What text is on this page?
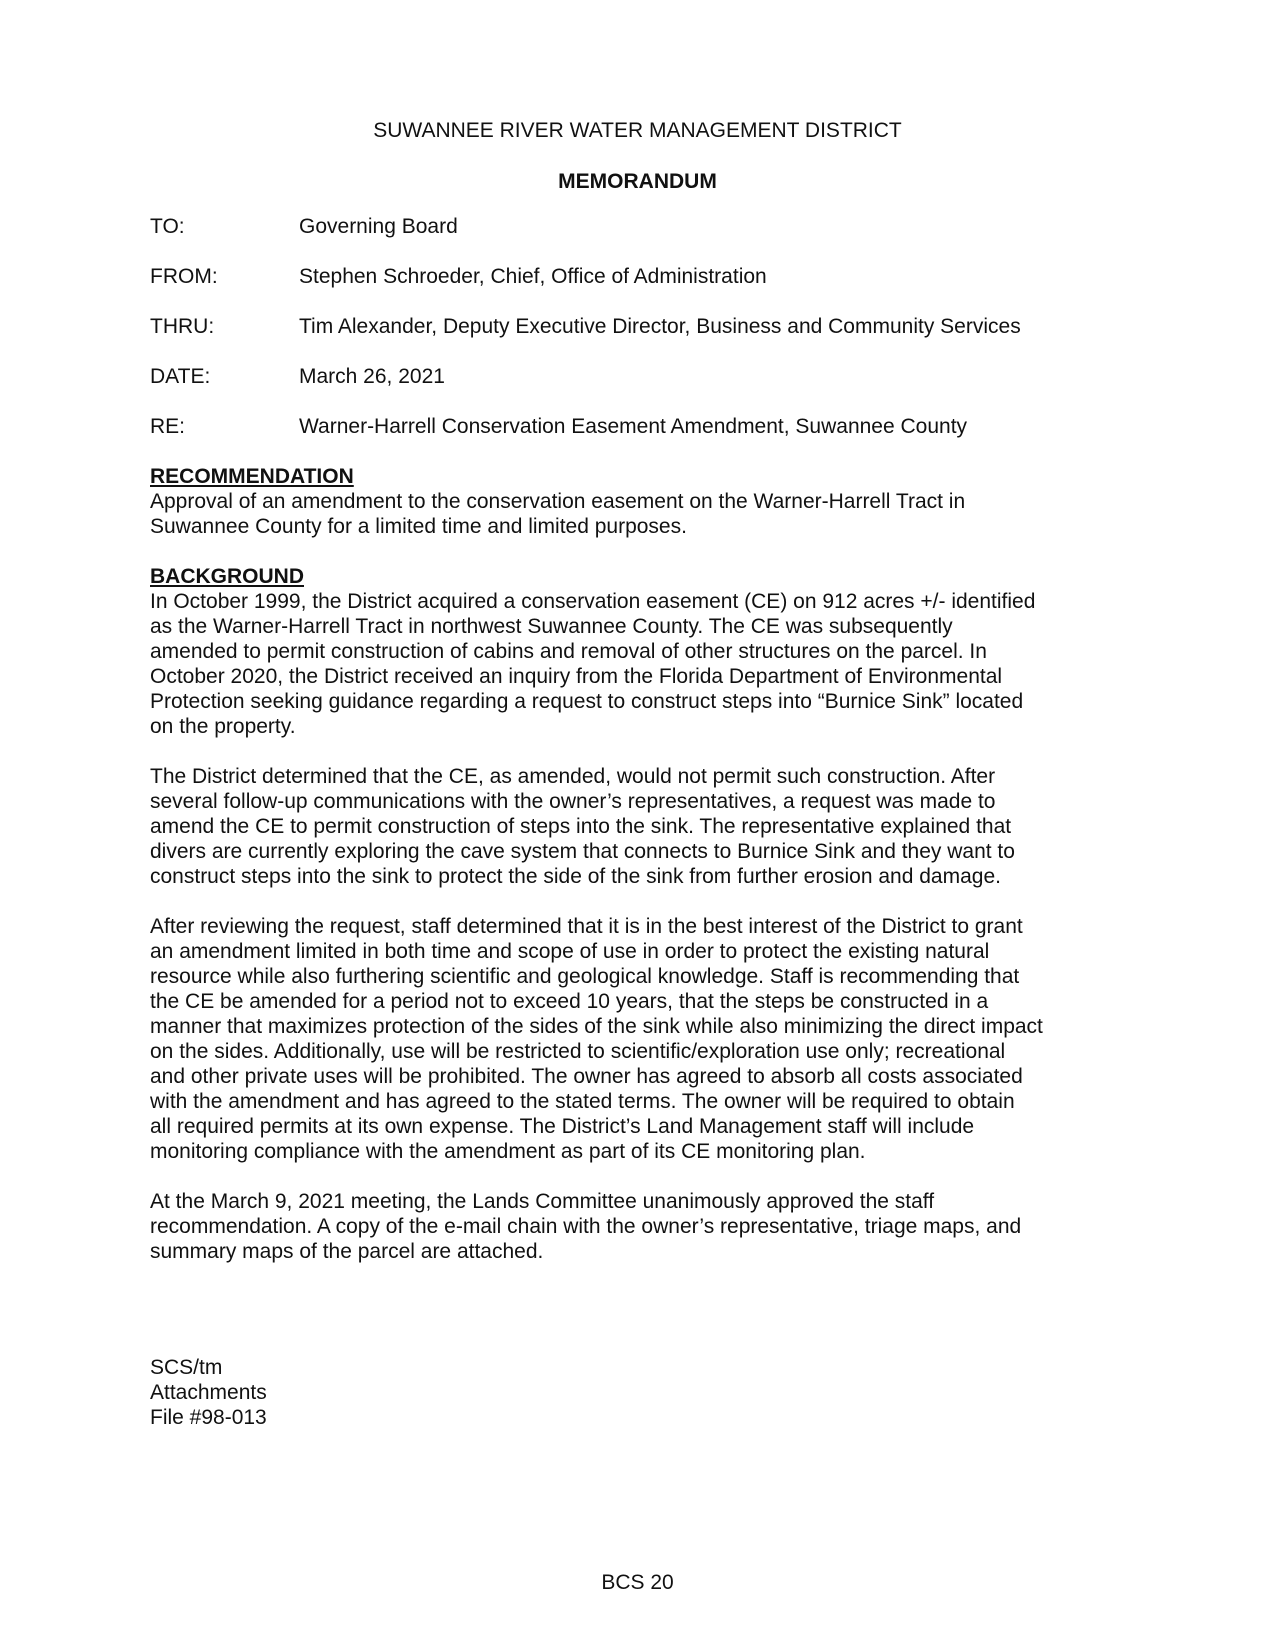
SUWANNEE RIVER WATER MANAGEMENT DISTRICT
MEMORANDUM
TO:	Governing Board
FROM:	Stephen Schroeder, Chief, Office of Administration
THRU:	Tim Alexander, Deputy Executive Director, Business and Community Services
DATE:	March 26, 2021
RE:	Warner-Harrell Conservation Easement Amendment, Suwannee County
RECOMMENDATION

Approval of an amendment to the conservation easement on the Warner-Harrell Tract in
Suwannee County for a limited time and limited purposes.

BACKGROUND

In October 1999, the District acquired a conservation easement (CE) on 912 acres +/- identified
as the Warner-Harrell Tract in northwest Suwannee County. The CE was subsequently
amended to permit construction of cabins and removal of other structures on the parcel. In
October 2020, the District received an inquiry from the Florida Department of Environmental
Protection seeking guidance regarding a request to construct steps into “Burnice Sink” located
on the property.

The District determined that the CE, as amended, would not permit such construction. After
several follow-up communications with the owner’s representatives, a request was made to
amend the CE to permit construction of steps into the sink. The representative explained that
divers are currently exploring the cave system that connects to Burnice Sink and they want to
construct steps into the sink to protect the side of the sink from further erosion and damage.

After reviewing the request, staff determined that it is in the best interest of the District to grant
an amendment limited in both time and scope of use in order to protect the existing natural
resource while also furthering scientific and geological knowledge. Staff is recommending that
the CE be amended for a period not to exceed 10 years, that the steps be constructed in a
manner that maximizes protection of the sides of the sink while also minimizing the direct impact
on the sides. Additionally, use will be restricted to scientific/exploration use only; recreational
and other private uses will be prohibited. The owner has agreed to absorb all costs associated
with the amendment and has agreed to the stated terms. The owner will be required to obtain
all required permits at its own expense. The District’s Land Management staff will include
monitoring compliance with the amendment as part of its CE monitoring plan.

At the March 9, 2021 meeting, the Lands Committee unanimously approved the staff
recommendation. A copy of the e-mail chain with the owner’s representative, triage maps, and
summary maps of the parcel are attached.

SCS/tm
Attachments
File #98-013
BCS 20
